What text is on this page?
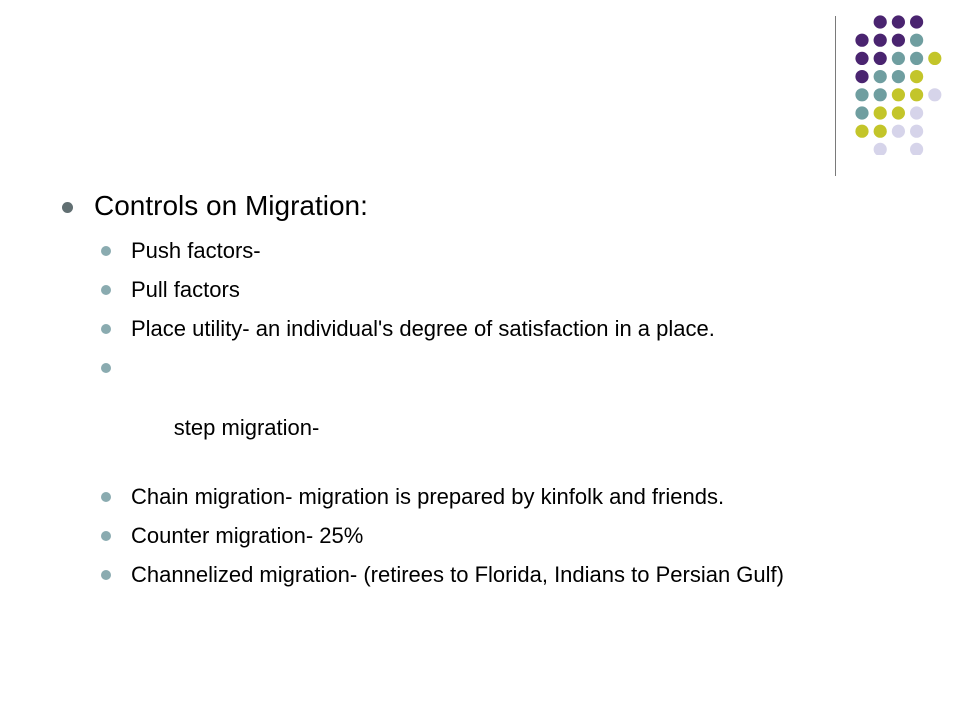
Controls on Migration:
Push factors-
Pull factors
Place utility- an individual's degree of satisfaction in a place.

step migration-

Chain migration- migration is prepared by kinfolk and friends.
Counter migration- 25%
Channelized migration- (retirees to Florida, Indians to Persian Gulf)
